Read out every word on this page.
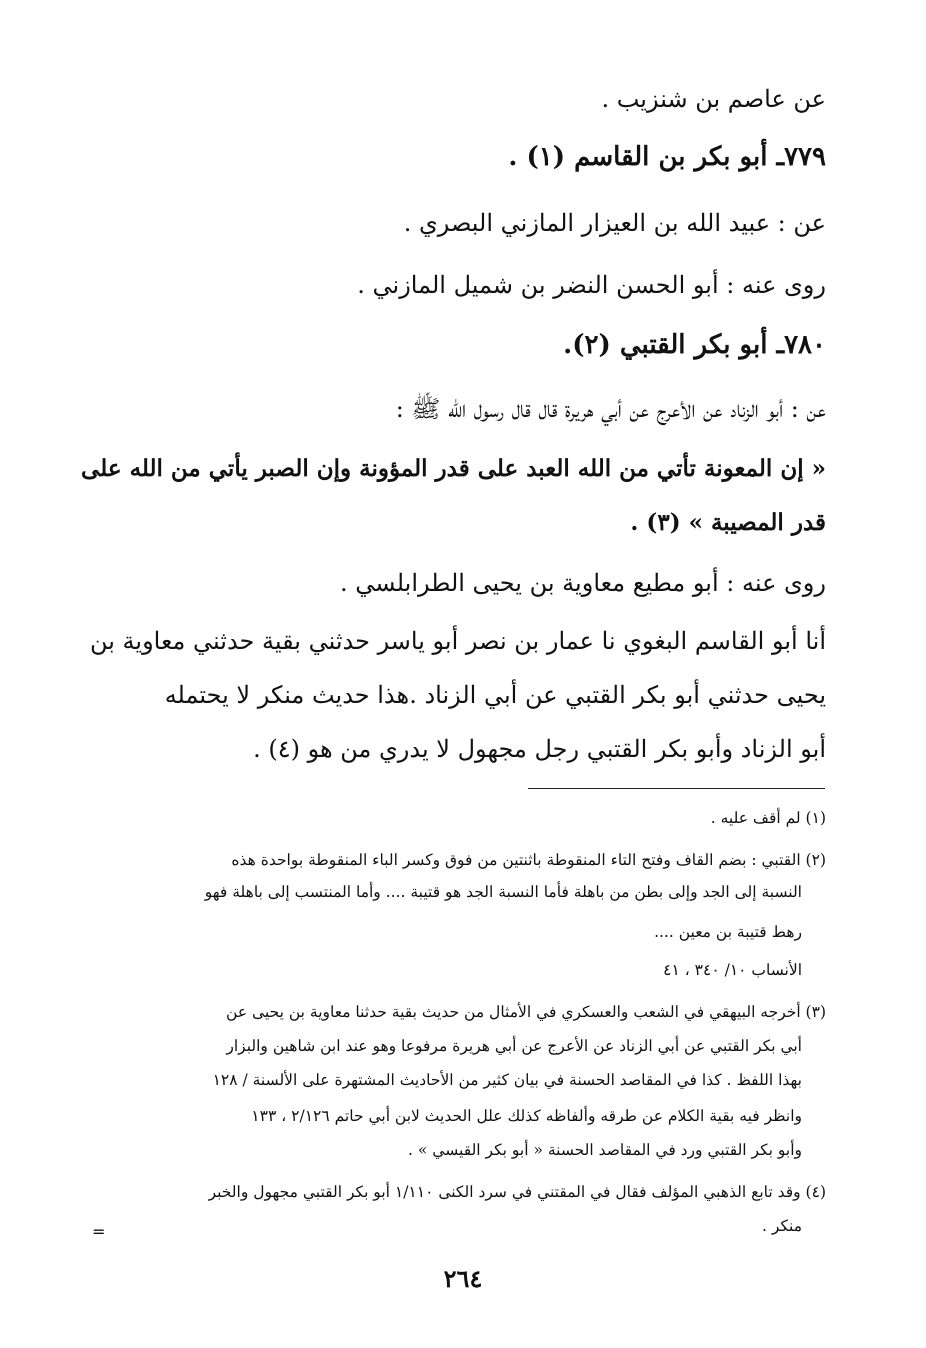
عن عاصم بن شنزيب .
٧٧٩ـ أبو بكر بن القاسم (١) .
عن : عبيد الله بن العيزار المازني البصري .
روى عنه : أبو الحسن النضر بن شميل المازني .
٧٨٠ـ أبو بكر القتبي (٢).
عن : أبو الزناد عن الأعرج عن أبي هريرة قال قال رسول الله ﷺ :
« إن المعونة تأتي من الله العبد على قدر المؤونة وإن الصبر يأتي من الله على
قدر المصيبة » (٣) .
روى عنه : أبو مطيع معاوية بن يحيى الطرابلسي .
أنا أبو القاسم البغوي نا عمار بن نصر أبو ياسر حدثني بقية حدثني معاوية بن
يحيى حدثني أبو بكر القتبي عن أبي الزناد .هذا حديث منكر لا يحتمله
أبو الزناد وأبو بكر القتبي رجل مجهول لا يدري من هو (٤) .
(١) لم أقف عليه .
(٢) القتبي : بضم القاف وفتح التاء المنقوطة باثنتين من فوق وكسر الباء المنقوطة بواحدة هذه
النسبة إلى الجد وإلى بطن من باهلة فأما النسبة الجد هو قتيبة .... وأما المنتسب إلى باهلة فهو
رهط قتيبة بن معين ....
الأنساب ١٠/ ٣٤٠ ، ٤١
(٣) أخرجه البيهقي في الشعب والعسكري في الأمثال من حديث بقية حدثنا معاوية بن يحيى عن
أبي بكر القتبي عن أبي الزناد عن الأعرج عن أبي هريرة مرفوعا وهو عند ابن شاهين والبزار
بهذا اللفظ . كذا في المقاصد الحسنة في بيان كثير من الأحاديث المشتهرة على الألسنة / ١٢٨
وانظر فيه بقية الكلام عن طرقه وألفاظه كذلك علل الحديث لابن أبي حاتم ٢/١٢٦ ، ١٣٣
وأبو بكر القتبي ورد في المقاصد الحسنة « أبو بكر القيسي » .
(٤) وقد تابع الذهبي المؤلف فقال في المقتني في سرد الكنى ١/١١٠ أبو بكر القتبي مجهول والخبر
منكر .
=
٢٦٤
